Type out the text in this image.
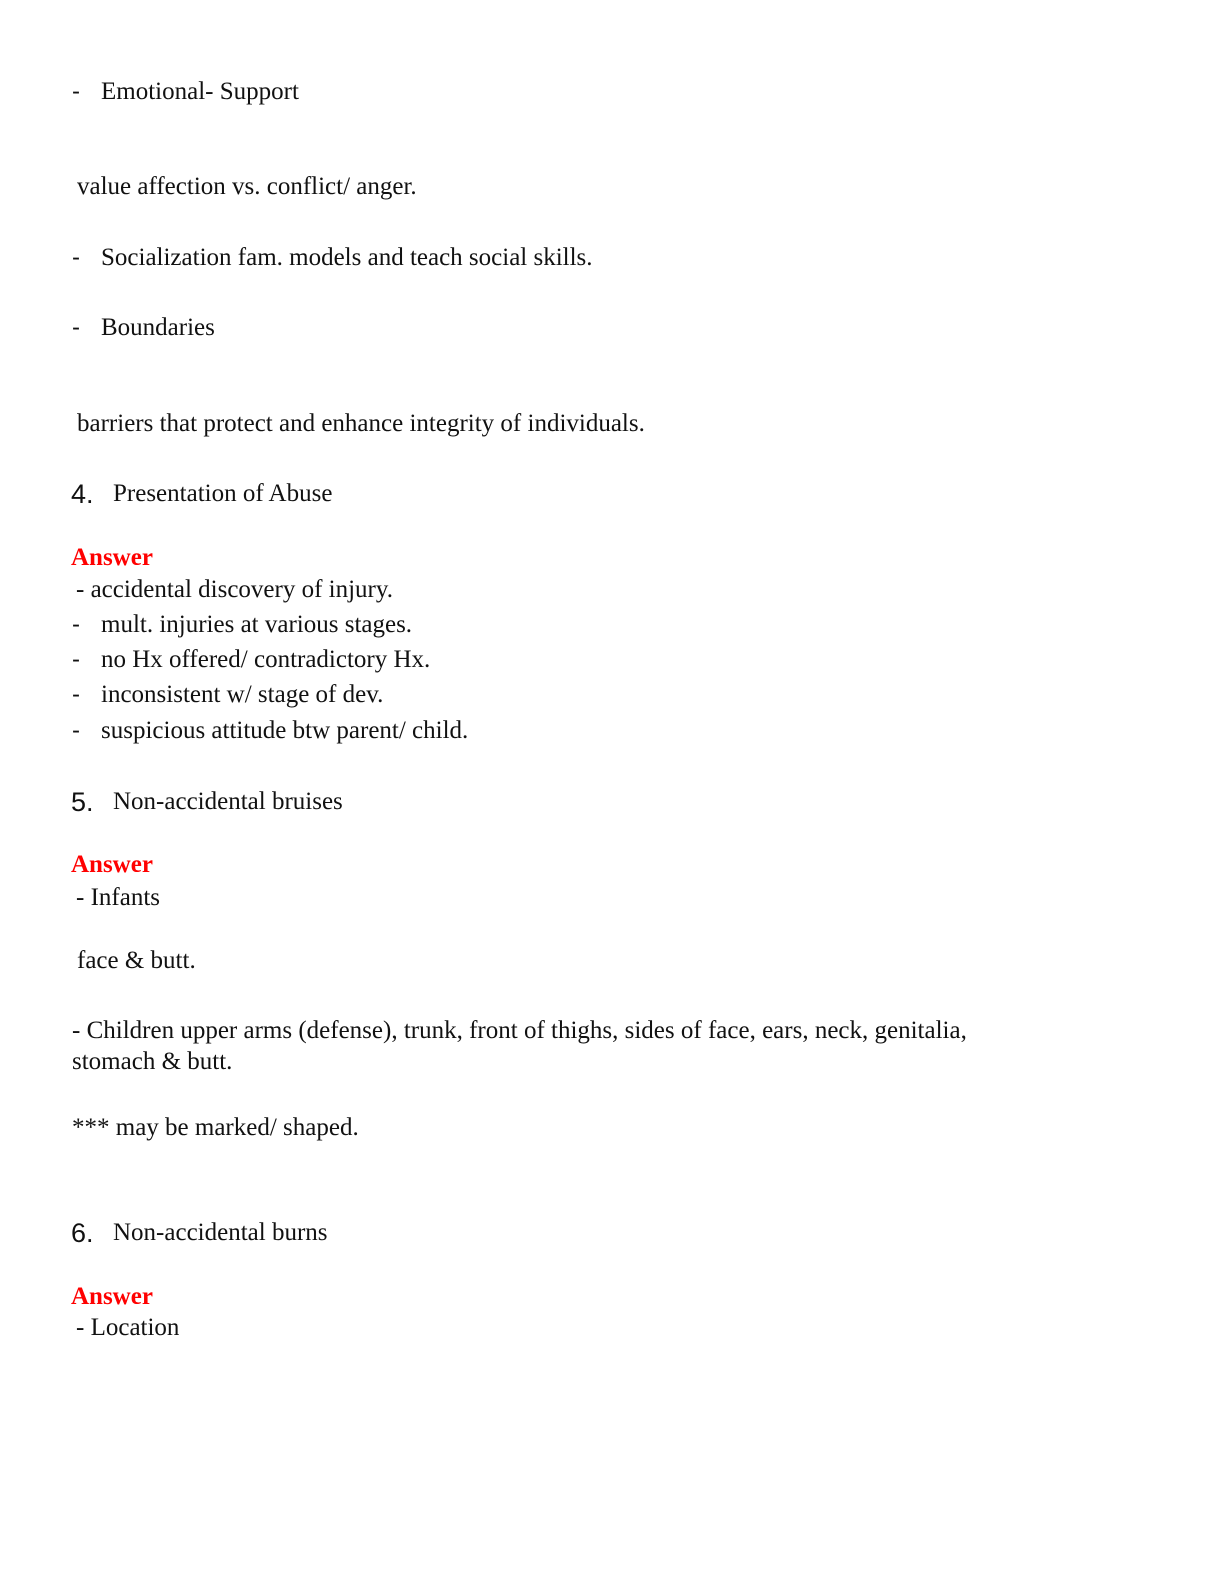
- Emotional- Support
value affection vs. conflict/ anger.
- Socialization fam. models and teach social skills.
- Boundaries
barriers that protect and enhance integrity of individuals.
4. Presentation of Abuse
Answer
- accidental discovery of injury.
- mult. injuries at various stages.
- no Hx offered/ contradictory Hx.
- inconsistent w/ stage of dev.
- suspicious attitude btw parent/ child.
5. Non-accidental bruises
Answer
- Infants
face & butt.
- Children upper arms (defense), trunk, front of thighs, sides of face, ears, neck, genitalia,
stomach & butt.
*** may be marked/ shaped.
6. Non-accidental burns
Answer
- Location
